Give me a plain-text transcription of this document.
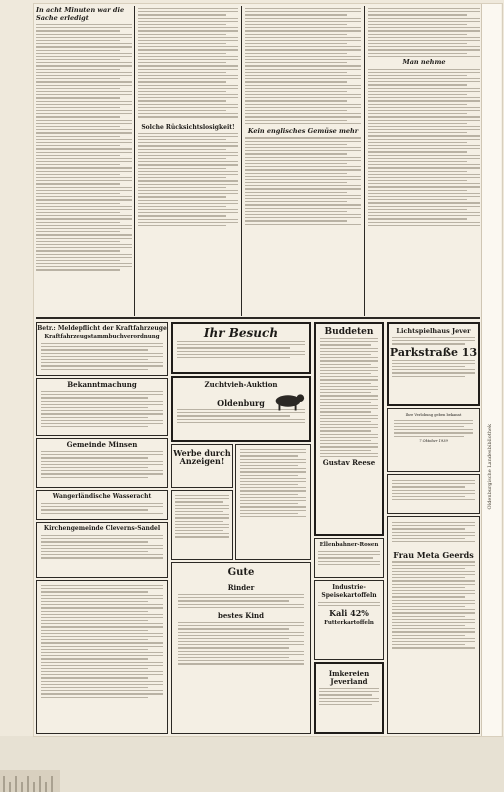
In acht Minuten war die Sache erledigt
Solche Rücksichtslosigkeit!	Kein englisches Gemüse mehr
Man nehme
Betr.: Meldepflicht der Kraftfahrzeuge
Kraftfahrzeugstammbuchverordnung
Bekanntmachung
Gemeinde Minsen
Wangerländische Wasseracht
Kirchengemeinde Cleverns-Sandel
Ihr Besuch
Zuchtvieh-Auktion
Oldenburg
Werbe durch Anzeigen!
Gute
Rinder
bestes Kind
Buddeten
Gustav Reese
Ellenbahner-Rosen
Industrie-Speisekartoffeln
Kali 42%
Futterkartoffeln
Imkereien Jeverland
Lichtspielhaus Jever
Parkstraße 13
Ihre Verlobung geben bekannt
7 Oktober 1939
Frau Meta Geerds
Oldenburgische Landesbibliothek
